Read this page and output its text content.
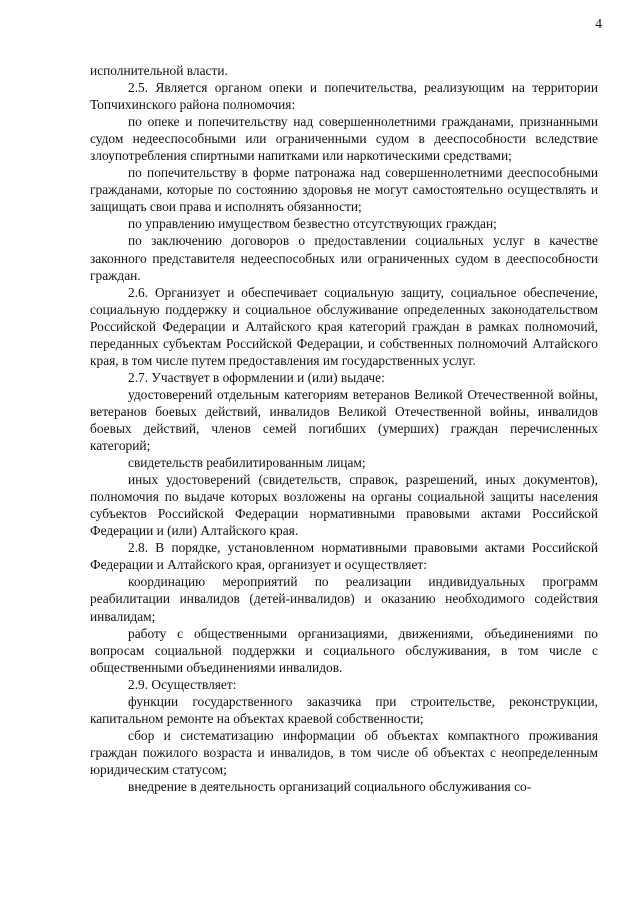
4

исполнительной власти.

2.5. Является органом опеки и попечительства, реализующим на территории Топчихинского района полномочия:

по опеке и попечительству над совершеннолетними гражданами, признанными судом недееспособными или ограниченными судом в дееспособности вследствие злоупотребления спиртными напитками или наркотическими средствами;

по попечительству в форме патронажа над совершеннолетними дееспособными гражданами, которые по состоянию здоровья не могут самостоятельно осуществлять и защищать свои права и исполнять обязанности;

по управлению имуществом безвестно отсутствующих граждан;

по заключению договоров о предоставлении социальных услуг в качестве законного представителя недееспособных или ограниченных судом в дееспособности граждан.

2.6. Организует и обеспечивает социальную защиту, социальное обеспечение, социальную поддержку и социальное обслуживание определенных законодательством Российской Федерации и Алтайского края категорий граждан в рамках полномочий, переданных субъектам Российской Федерации, и собственных полномочий Алтайского края, в том числе путем предоставления им государственных услуг.

2.7. Участвует в оформлении и (или) выдаче:

удостоверений отдельным категориям ветеранов Великой Отечественной войны, ветеранов боевых действий, инвалидов Великой Отечественной войны, инвалидов боевых действий, членов семей погибших (умерших) граждан перечисленных категорий;

свидетельств реабилитированным лицам;

иных удостоверений (свидетельств, справок, разрешений, иных документов), полномочия по выдаче которых возложены на органы социальной защиты населения субъектов Российской Федерации нормативными правовыми актами Российской Федерации и (или) Алтайского края.

2.8. В порядке, установленном нормативными правовыми актами Российской Федерации и Алтайского края, организует и осуществляет:

координацию мероприятий по реализации индивидуальных программ реабилитации инвалидов (детей-инвалидов) и оказанию необходимого содействия инвалидам;

работу с общественными организациями, движениями, объединениями по вопросам социальной поддержки и социального обслуживания, в том числе с общественными объединениями инвалидов.

2.9. Осуществляет:

функции государственного заказчика при строительстве, реконструкции, капитальном ремонте на объектах краевой собственности;

сбор и систематизацию информации об объектах компактного проживания граждан пожилого возраста и инвалидов, в том числе об объектах с неопределенным юридическим статусом;

внедрение в деятельность организаций социального обслуживания со-
